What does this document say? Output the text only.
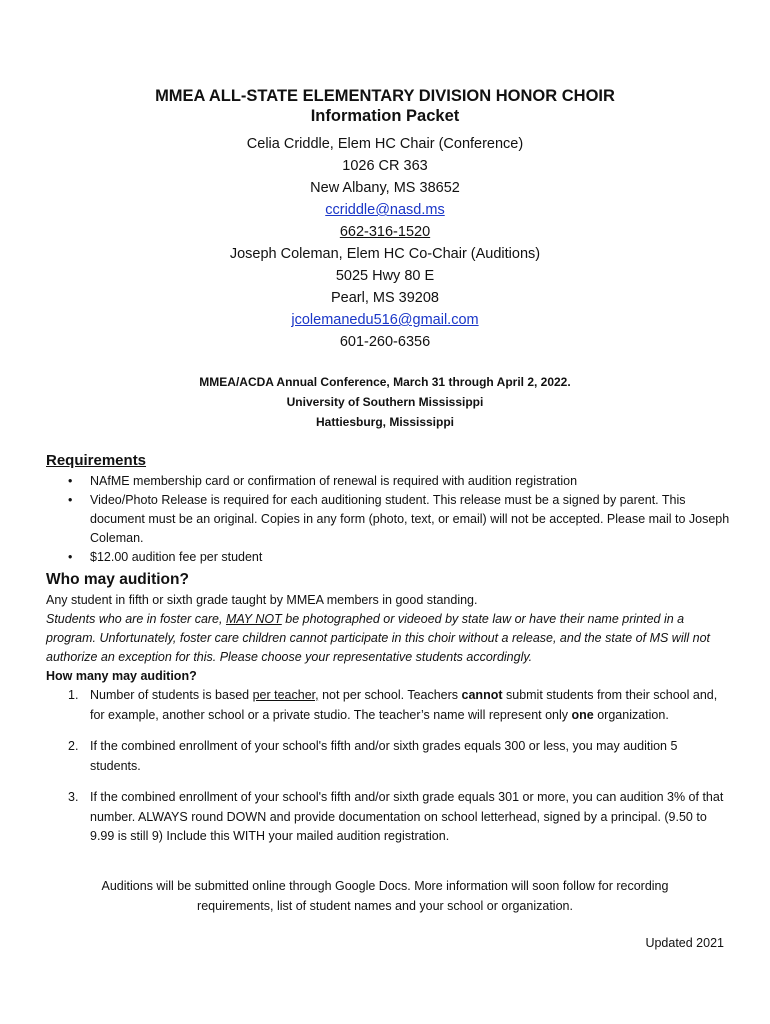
MMEA ALL-STATE ELEMENTARY DIVISION HONOR CHOIR
Information Packet
Celia Criddle, Elem HC Chair (Conference)
1026 CR 363
New Albany, MS 38652
ccriddle@nasd.ms
662-316-1520
Joseph Coleman, Elem HC Co-Chair (Auditions)
5025 Hwy 80 E
Pearl, MS 39208
jcolemanedu516@gmail.com
601-260-6356
MMEA/ACDA Annual Conference, March 31 through April 2, 2022.
University of Southern Mississippi
Hattiesburg, Mississippi
Requirements
• NAfME membership card or confirmation of renewal is required with audition registration
• Video/Photo Release is required for each auditioning student. This release must be a signed by parent. This document must be an original. Copies in any form (photo, text, or email) will not be accepted. Please mail to Joseph Coleman.
• $12.00 audition fee per student
Who may audition?
Any student in fifth or sixth grade taught by MMEA members in good standing.
Students who are in foster care, MAY NOT be photographed or videoed by state law or have their name printed in a program. Unfortunately, foster care children cannot participate in this choir without a release, and the state of MS will not authorize an exception for this. Please choose your representative students accordingly.
How many may audition?
1. Number of students is based per teacher, not per school. Teachers cannot submit students from their school and, for example, another school or a private studio. The teacher’s name will represent only one organization.
2. If the combined enrollment of your school's fifth and/or sixth grades equals 300 or less, you may audition 5 students.
3. If the combined enrollment of your school's fifth and/or sixth grade equals 301 or more, you can audition 3% of that number. ALWAYS round DOWN and provide documentation on school letterhead, signed by a principal. (9.50 to 9.99 is still 9) Include this WITH your mailed audition registration.
Auditions will be submitted online through Google Docs. More information will soon follow for recording
requirements, list of student names and your school or organization.
Updated 2021
